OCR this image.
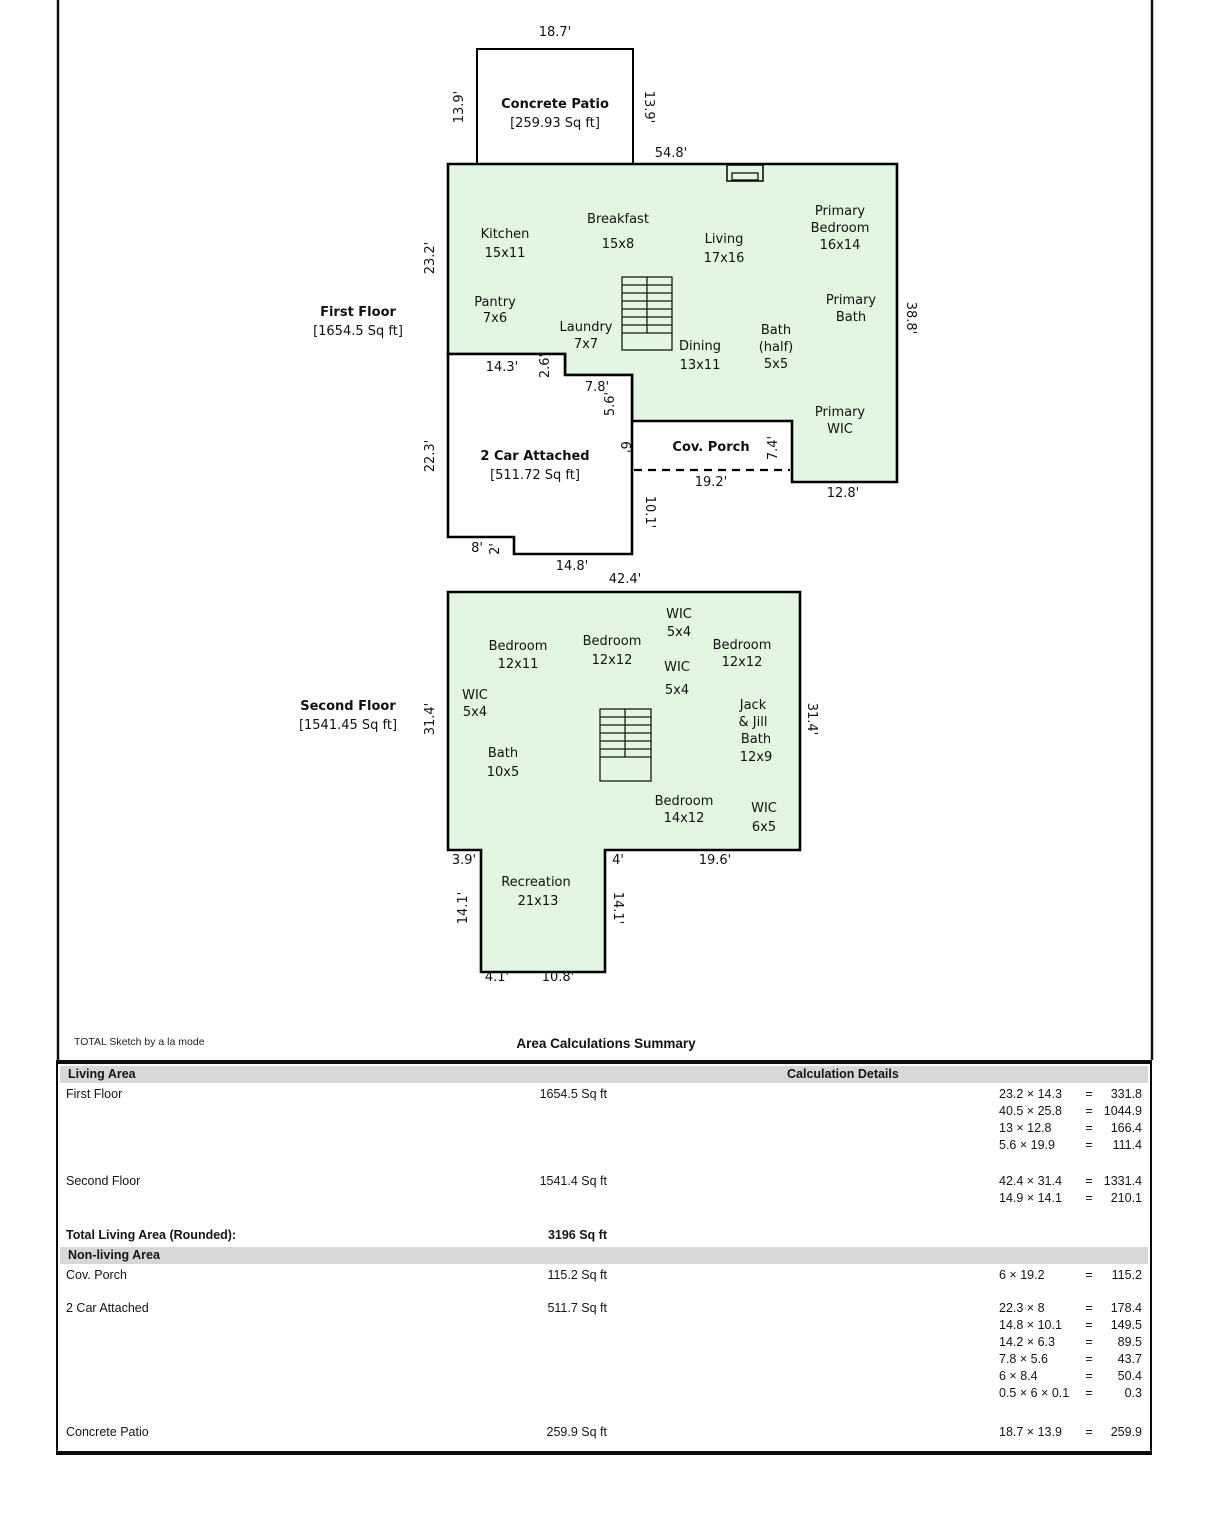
18.7'
Concrete Patio
[259.93 Sq ft]
13.9'	13.9'
54.8'
First Floor
[1654.5 Sq ft]
23.2'
38.8'
Kitchen
15x11
Breakfast
15x8	Living
17x16
Primary
Bedroom
16x14
Pantry
7x6
Laundry
7x7	Dining
13x11
Bath
(half)
5x5
Primary
Bath
Primary
WIC
14.3' 2.6'
7.8'
5.6'
22.3'	2 Car Attached
[511.72 Sq ft]
6'	Cov. Porch 7.4'
19.2'
12.8'
10.1'
8' 2'
14.8'
42.4'
Second Floor
[1541.45 Sq ft] 31.4'	31.4'
Bedroom
12x11
Bedroom
12x12
WIC
5x4
Bedroom
12x12
WIC
5x4
WIC
5x4	Jack
& Jill
Bath
12x9
Bath
10x5
Bedroom
14x12
WIC
6x5
3.9'	4'	19.6'
14.1'	14.1'
Recreation
21x13
4.1'	10.8'
TOTAL Sketch by a la mode	Area Calculations Summary
Living Area	Calculation Details
First Floor	1654.5 Sq ft	23.2 × 14.3	=	331.8
40.5 × 25.8	= 1044.9
13 × 12.8	=	166.4
5.6 × 19.9	=	111.4
Second Floor	1541.4 Sq ft	42.4 × 31.4	= 1331.4
14.9 × 14.1	=	210.1
Total Living Area (Rounded):	3196 Sq ft
Non-living Area
Cov. Porch	115.2 Sq ft	6 × 19.2	=	115.2
2 Car Attached	511.7 Sq ft	22.3 × 8	=	178.4
14.8 × 10.1	=	149.5
14.2 × 6.3	=	89.5
7.8 × 5.6	=	43.7
6 × 8.4	=	50.4
0.5 × 6 × 0.1	=	0.3
Concrete Patio	259.9 Sq ft	18.7 × 13.9	=	259.9
